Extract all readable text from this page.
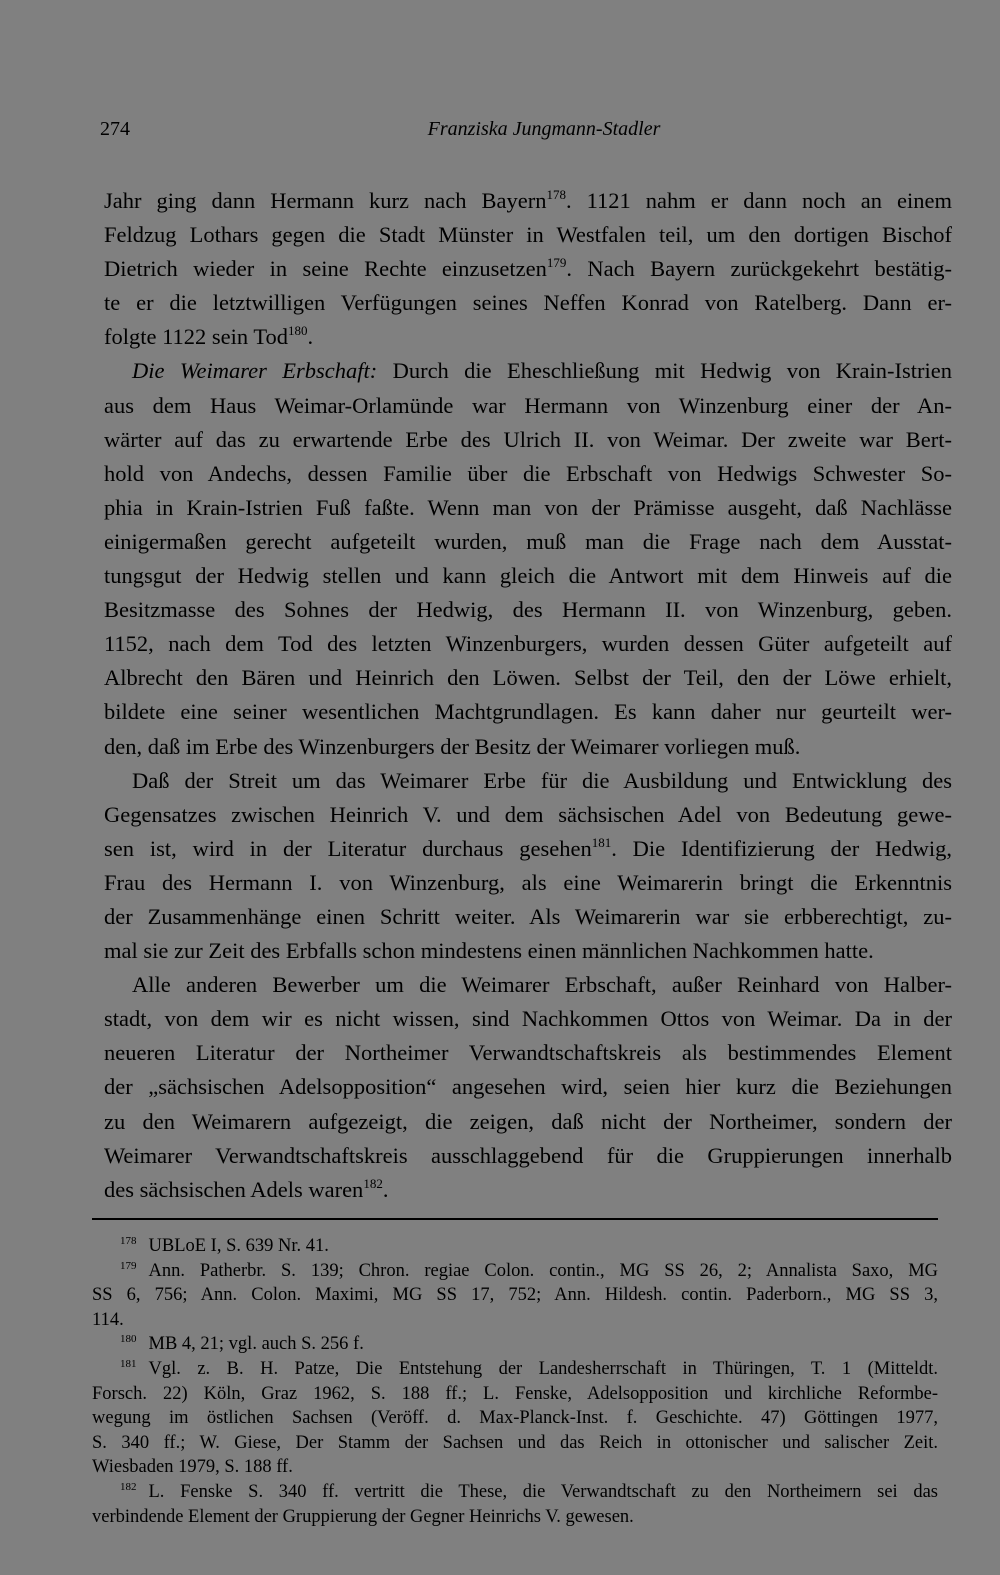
274	Franziska Jungmann-Stadler
Jahr ging dann Hermann kurz nach Bayern$^{178}$. 1121 nahm er dann noch an einem
Feldzug Lothars gegen die Stadt Münster in Westfalen teil, um den dortigen Bischof
Dietrich wieder in seine Rechte einzusetzen$^{179}$. Nach Bayern zurückgekehrt bestätig-
te er die letztwilligen Verfügungen seines Neffen Konrad von Ratelberg. Dann er-
folgte 1122 sein Tod$^{180}$.
Die Weimarer Erbschaft: Durch die Eheschließung mit Hedwig von Krain-Istrien
aus dem Haus Weimar-Orlamünde war Hermann von Winzenburg einer der An-
wärter auf das zu erwartende Erbe des Ulrich II. von Weimar. Der zweite war Bert-
hold von Andechs, dessen Familie über die Erbschaft von Hedwigs Schwester So-
phia in Krain-Istrien Fuß faßte. Wenn man von der Prämisse ausgeht, daß Nachlässe
einigermaßen gerecht aufgeteilt wurden, muß man die Frage nach dem Ausstat-
tungsgut der Hedwig stellen und kann gleich die Antwort mit dem Hinweis auf die
Besitzmasse des Sohnes der Hedwig, des Hermann II. von Winzenburg, geben.
1152, nach dem Tod des letzten Winzenburgers, wurden dessen Güter aufgeteilt auf
Albrecht den Bären und Heinrich den Löwen. Selbst der Teil, den der Löwe erhielt,
bildete eine seiner wesentlichen Machtgrundlagen. Es kann daher nur geurteilt wer-
den, daß im Erbe des Winzenburgers der Besitz der Weimarer vorliegen muß.
Daß der Streit um das Weimarer Erbe für die Ausbildung und Entwicklung des
Gegensatzes zwischen Heinrich V. und dem sächsischen Adel von Bedeutung gewe-
sen ist, wird in der Literatur durchaus gesehen$^{181}$. Die Identifizierung der Hedwig,
Frau des Hermann I. von Winzenburg, als eine Weimarerin bringt die Erkenntnis
der Zusammenhänge einen Schritt weiter. Als Weimarerin war sie erbberechtigt, zu-
mal sie zur Zeit des Erbfalls schon mindestens einen männlichen Nachkommen hatte.
Alle anderen Bewerber um die Weimarer Erbschaft, außer Reinhard von Halber-
stadt, von dem wir es nicht wissen, sind Nachkommen Ottos von Weimar. Da in der
neueren Literatur der Northeimer Verwandtschaftskreis als bestimmendes Element
der „sächsischen Adelsopposition“ angesehen wird, seien hier kurz die Beziehungen
zu den Weimarern aufgezeigt, die zeigen, daß nicht der Northeimer, sondern der
Weimarer Verwandtschaftskreis ausschlaggebend für die Gruppierungen innerhalb
des sächsischen Adels waren$^{182}$.
$^{178}$ UBLoE I, S. 639 Nr. 41.
$^{179}$ Ann. Patherbr. S. 139; Chron. regiae Colon. contin., MG SS 26, 2; Annalista Saxo, MG
SS 6, 756; Ann. Colon. Maximi, MG SS 17, 752; Ann. Hildesh. contin. Paderborn., MG SS 3,
114.
$^{180}$ MB 4, 21; vgl. auch S. 256 f.
$^{181}$ Vgl. z. B. H. Patze, Die Entstehung der Landesherrschaft in Thüringen, T. 1 (Mitteldt.
Forsch. 22) Köln, Graz 1962, S. 188 ff.; L. Fenske, Adelsopposition und kirchliche Reformbe-
wegung im östlichen Sachsen (Veröff. d. Max-Planck-Inst. f. Geschichte. 47) Göttingen 1977,
S. 340 ff.; W. Giese, Der Stamm der Sachsen und das Reich in ottonischer und salischer Zeit.
Wiesbaden 1979, S. 188 ff.
$^{182}$ L. Fenske S. 340 ff. vertritt die These, die Verwandtschaft zu den Northeimern sei das
verbindende Element der Gruppierung der Gegner Heinrichs V. gewesen.
